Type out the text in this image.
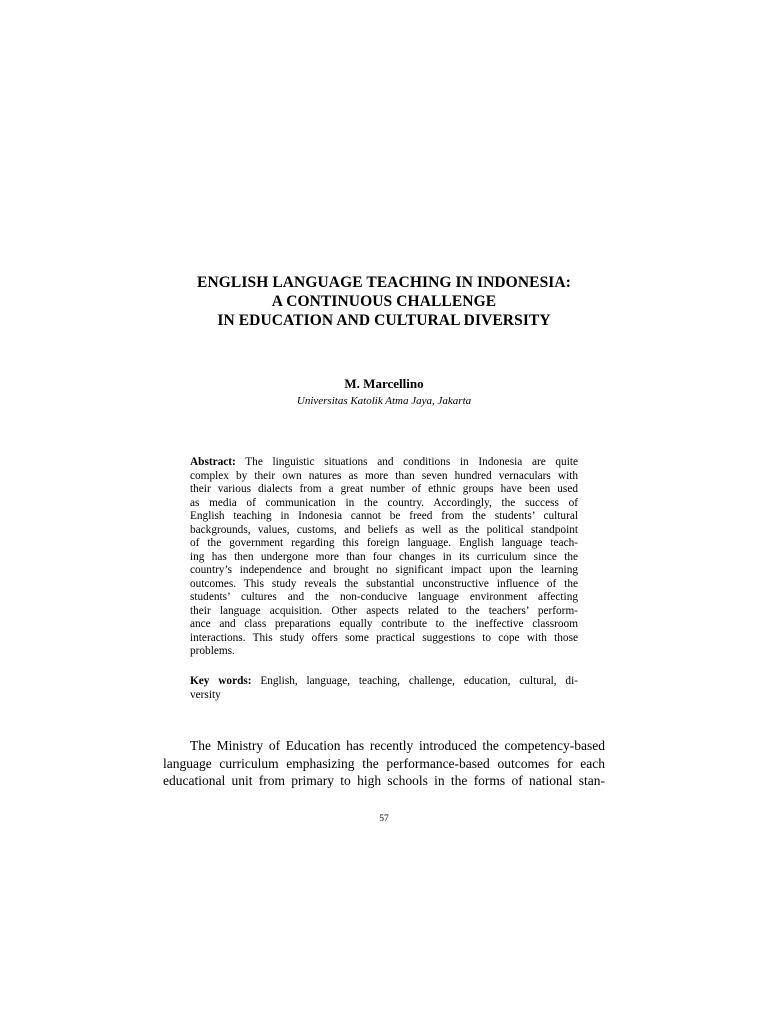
ENGLISH LANGUAGE TEACHING IN INDONESIA:
A CONTINUOUS CHALLENGE
IN EDUCATION AND CULTURAL DIVERSITY
M. Marcellino
Universitas Katolik Atma Jaya, Jakarta
Abstract: The linguistic situations and conditions in Indonesia are quite
complex by their own natures as more than seven hundred vernaculars with
their various dialects from a great number of ethnic groups have been used
as media of communication in the country. Accordingly, the success of
English teaching in Indonesia cannot be freed from the students’ cultural
backgrounds, values, customs, and beliefs as well as the political standpoint
of the government regarding this foreign language. English language teach-
ing has then undergone more than four changes in its curriculum since the
country’s independence and brought no significant impact upon the learning
outcomes. This study reveals the substantial unconstructive influence of the
students’ cultures and the non-conducive language environment affecting
their language acquisition. Other aspects related to the teachers’ perform-
ance and class preparations equally contribute to the ineffective classroom
interactions. This study offers some practical suggestions to cope with those
problems.
Key words: English, language, teaching, challenge, education, cultural, di-
versity
The Ministry of Education has recently introduced the competency-based
language curriculum emphasizing the performance-based outcomes for each
educational unit from primary to high schools in the forms of national stan-
57
